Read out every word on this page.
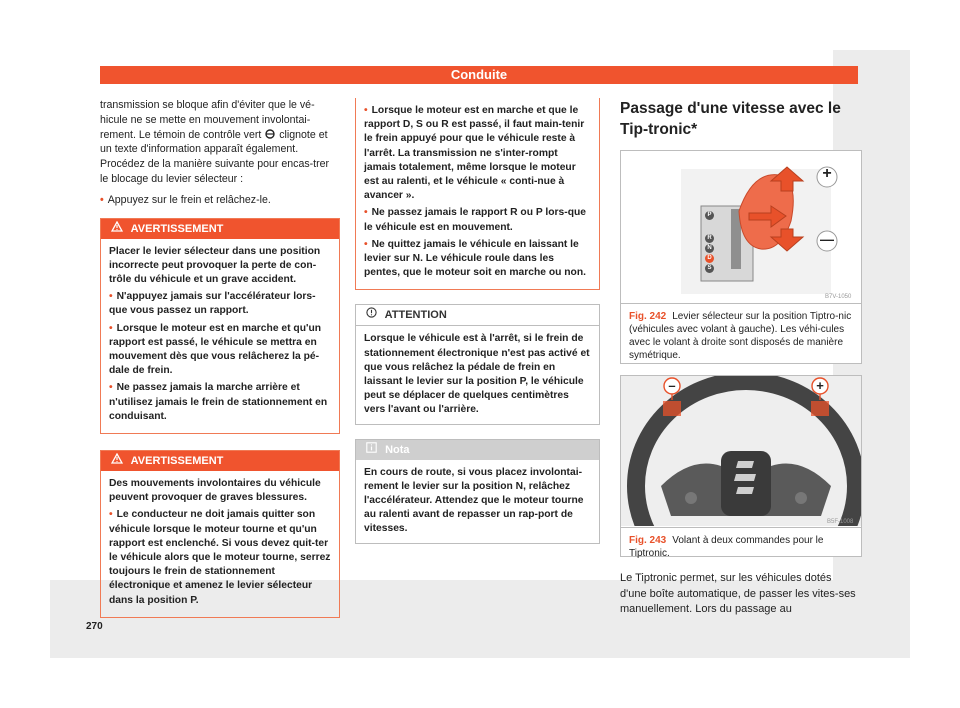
Conduite

transmission se bloque afin d'éviter que le vé-hicule ne se mette en mouvement involontai-rement. Le témoin de contrôle vert clignote et un texte d'information apparaît également. Procédez de la manière suivante pour encas-trer le blocage du levier sélecteur :

• Appuyez sur le frein et relâchez-le.

AVERTISSEMENT

Placer le levier sélecteur dans une position incorrecte peut provoquer la perte de con-trôle du véhicule et un grave accident.

• N'appuyez jamais sur l'accélérateur lors-que vous passez un rapport.

• Lorsque le moteur est en marche et qu'un rapport est passé, le véhicule se mettra en mouvement dès que vous relâcherez la pé-dale de frein.

• Ne passez jamais la marche arrière et n'utilisez jamais le frein de stationnement en conduisant.

AVERTISSEMENT

Des mouvements involontaires du véhicule peuvent provoquer de graves blessures.

• Le conducteur ne doit jamais quitter son véhicule lorsque le moteur tourne et qu'un rapport est enclenché. Si vous devez quit-ter le véhicule alors que le moteur tourne, serrez toujours le frein de stationnement électronique et amenez le levier sélecteur dans la position P.

• Lorsque le moteur est en marche et que le rapport D, S ou R est passé, il faut main-tenir le frein appuyé pour que le véhicule reste à l'arrêt. La transmission ne s'inter-rompt jamais totalement, même lorsque le moteur est au ralenti, et le véhicule « conti-nue à avancer ».

• Ne passez jamais le rapport R ou P lors-que le véhicule est en mouvement.

• Ne quittez jamais le véhicule en laissant le levier sur N. Le véhicule roule dans les pentes, que le moteur soit en marche ou non.

ATTENTION
Lorsque le véhicule est à l'arrêt, si le frein de stationnement électronique n'est pas activé et que vous relâchez la pédale de frein en laissant le levier sur la position P, le véhicule peut se déplacer de quelques centimètres vers l'avant ou l'arrière.
Nota
En cours de route, si vous placez involontai-rement le levier sur la position N, relâchez l'accélérateur. Attendez que le moteur tourne au ralenti avant de repasser un rap-port de vitesses.
Passage d'une vitesse avec le Tip-tronic*
+
—
P
R
N
D
S
B7V-1050
Fig. 242 Levier sélecteur sur la position Tiptro-nic (véhicules avec volant à gauche). Les véhi-cules avec le volant à droite sont disposés de manière symétrique.
–	+
B5F-1008
Fig. 243 Volant à deux commandes pour le Tiptronic.
Le Tiptronic permet, sur les véhicules dotés d'une boîte automatique, de passer les vites-ses manuellement. Lors du passage au
270
